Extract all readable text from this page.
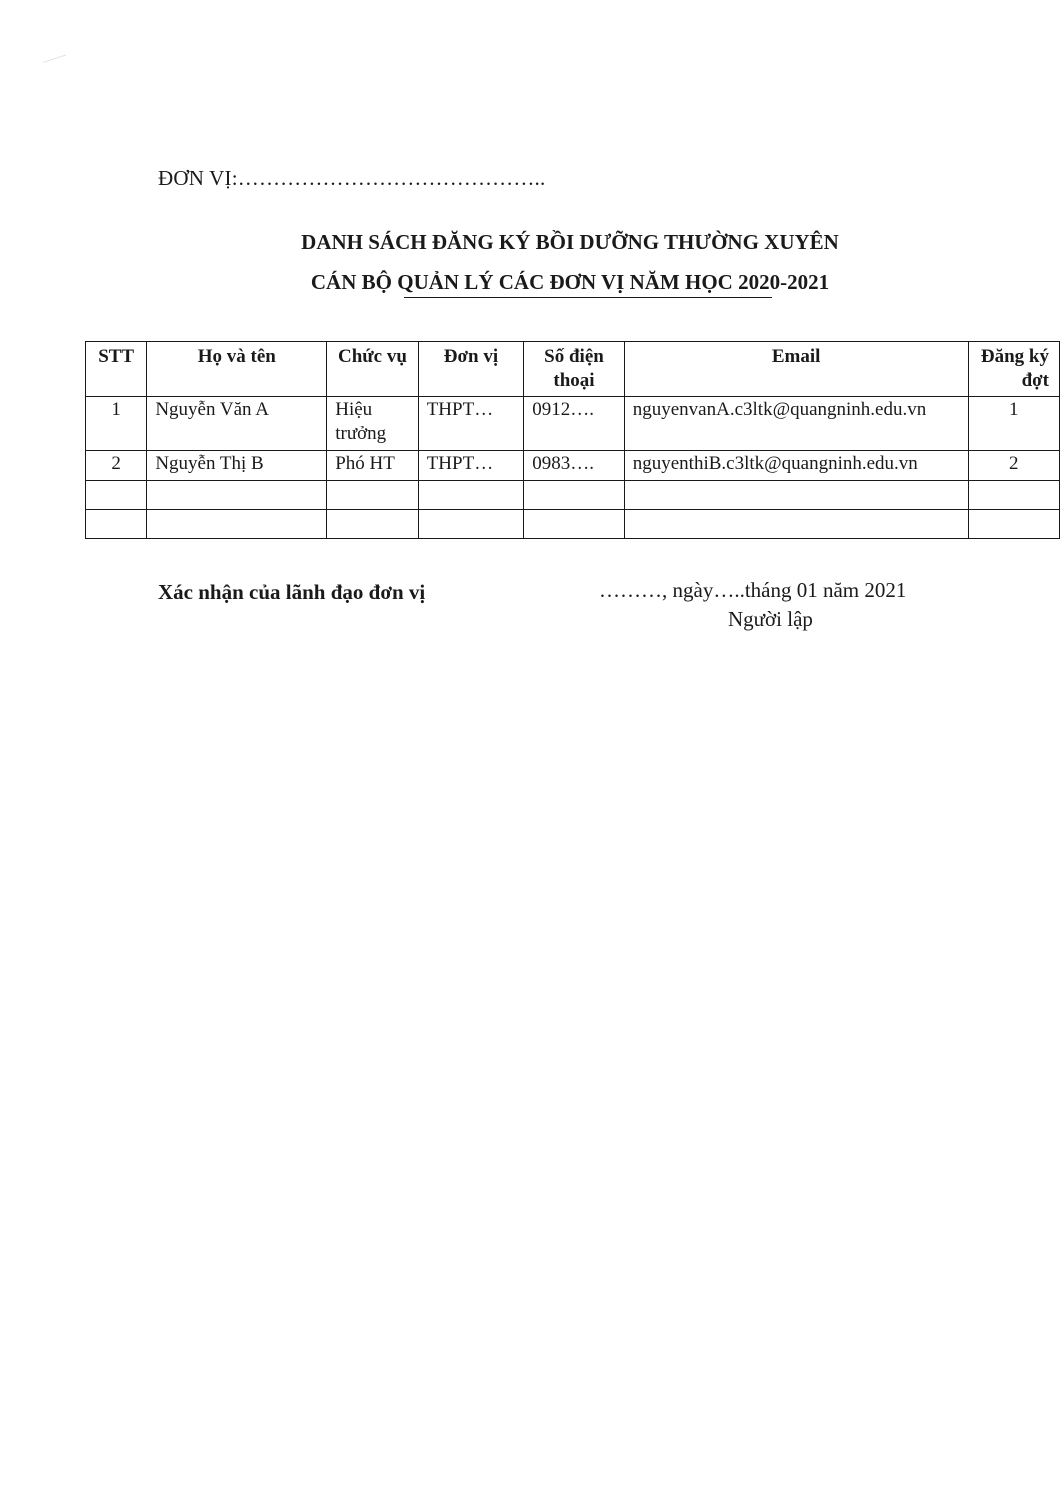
ĐƠN VỊ:……………………………………..
DANH SÁCH ĐĂNG KÝ BỒI DƯỠNG THƯỜNG XUYÊN
CÁN BỘ QUẢN LÝ CÁC ĐƠN VỊ NĂM HỌC 2020-2021
STT	Họ và tên	Chức vụ	Đơn vị	Số điện thoại	Email	Đăng ký đợt
1	Nguyễn Văn A	Hiệu trưởng	THPT…	0912….	nguyenvanA.c3ltk@quangninh.edu.vn	1
2	Nguyễn Thị B	Phó HT	THPT…	0983….	nguyenthiB.c3ltk@quangninh.edu.vn	2

Xác nhận của lãnh đạo đơn vị	………, ngày…..tháng 01 năm 2021
Người lập
